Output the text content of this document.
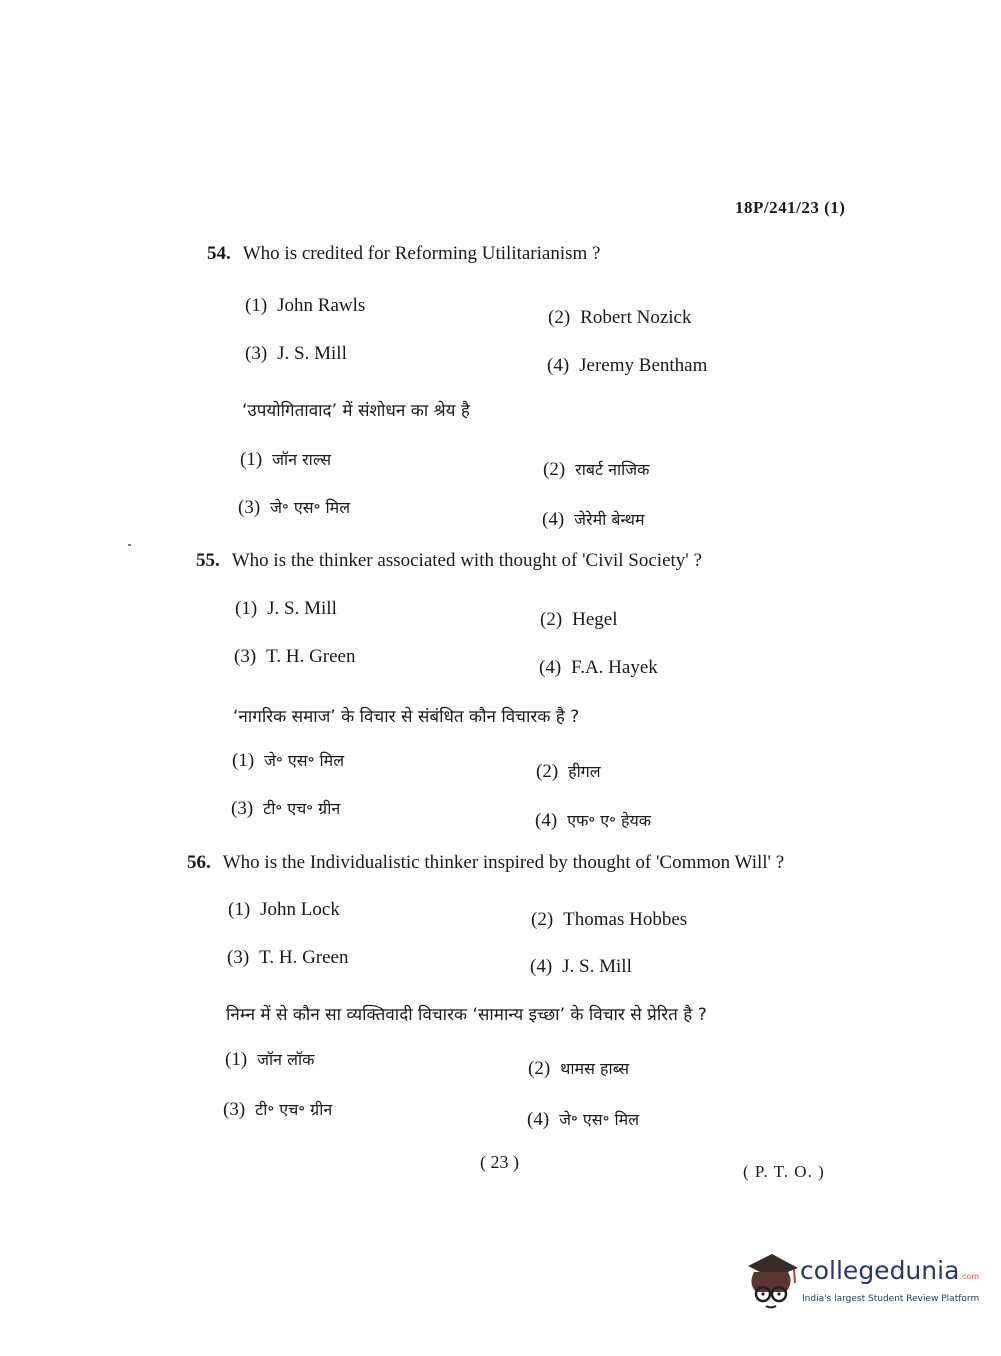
18P/241/23 (1)
54. Who is credited for Reforming Utilitarianism ?
(1) John Rawls
(2) Robert Nozick
(3) J. S. Mill
(4) Jeremy Bentham
‘उपयोगितावाद’ में संशोधन का श्रेय है
(1) जॉन राल्स	(2) राबर्ट नाजिक
(3) जे॰ एस॰ मिल
(4) जेरेमी बेन्थम
55. Who is the thinker associated with thought of 'Civil Society' ?
(1) J. S. Mill
(2) Hegel
(3) T. H. Green
(4) F.A. Hayek
‘नागरिक समाज’ के विचार से संबंधित कौन विचारक है ?
(1) जे॰ एस॰ मिल
(2) हीगल
(3) टी॰ एच॰ ग्रीन
(4) एफ॰ ए॰ हेयक
56. Who is the Individualistic thinker inspired by thought of 'Common Will' ?
(1) John Lock	(2) Thomas Hobbes
(3) T. H. Green	(4) J. S. Mill
निम्न में से कौन सा व्यक्तिवादी विचारक ‘सामान्य इच्छा’ के विचार से प्रेरित है ?
(1) जॉन लॉक	(2) थामस हाब्स
(3) टी॰ एच॰ ग्रीन	(4) जे॰ एस॰ मिल
( 23 )	( P. T. O. )
collegedunia.com
India's largest Student Review Platform
